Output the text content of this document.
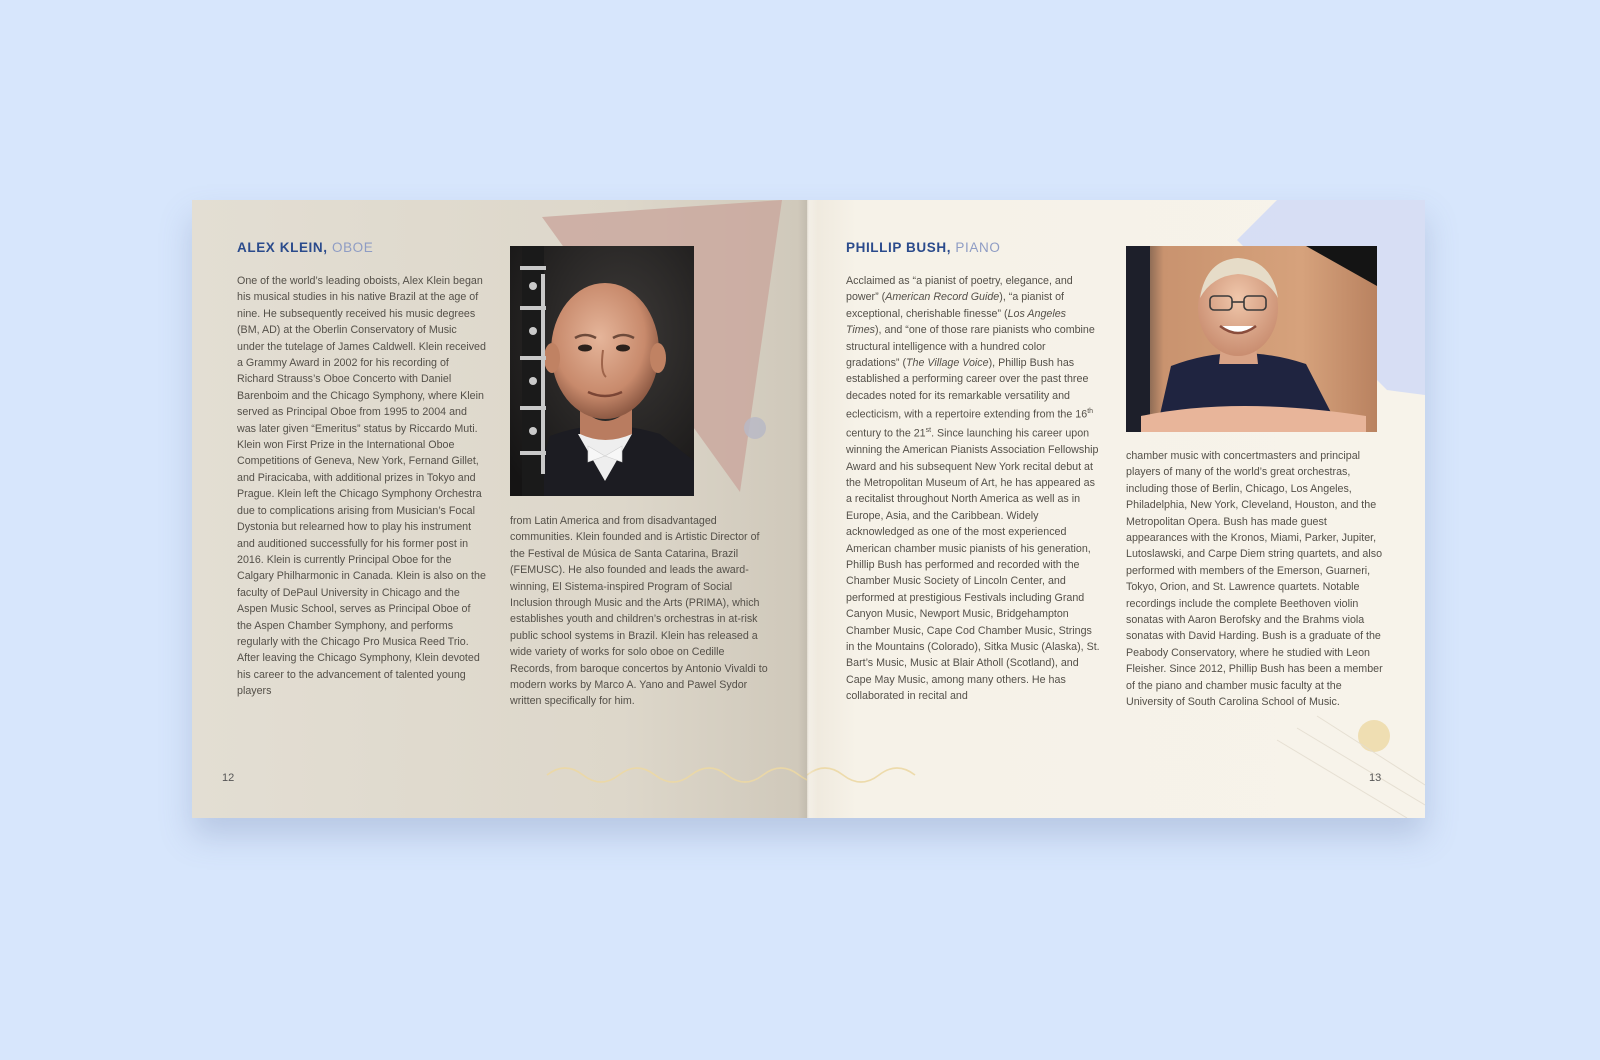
ALEX KLEIN, OBOE

One of the world’s leading oboists, Alex Klein began his musical studies in his native Brazil at the age of nine. He subsequently received his music degrees (BM, AD) at the Oberlin Conservatory of Music under the tutelage of James Caldwell. Klein received a Grammy Award in 2002 for his recording of Richard Strauss’s Oboe Concerto with Daniel Barenboim and the Chicago Symphony, where Klein served as Principal Oboe from 1995 to 2004 and was later given “Emeritus” status by Riccardo Muti. Klein won First Prize in the International Oboe Competitions of Geneva, New York, Fernand Gillet, and Piracicaba, with additional prizes in Tokyo and Prague. Klein left the Chicago Symphony Orchestra due to complications arising from Musician’s Focal Dystonia but relearned how to play his instrument and auditioned successfully for his former post in 2016. Klein is currently Principal Oboe for the Calgary Philharmonic in Canada. Klein is also on the faculty of DePaul University in Chicago and the Aspen Music School, serves as Principal Oboe of the Aspen Chamber Symphony, and performs regularly with the Chicago Pro Musica Reed Trio. After leaving the Chicago Symphony, Klein devoted his career to the advancement of talented young players

from Latin America and from disadvantaged communities. Klein founded and is Artistic Director of the Festival de Música de Santa Catarina, Brazil (FEMUSC). He also founded and leads the award-winning, El Sistema-inspired Program of Social Inclusion through Music and the Arts (PRIMA), which establishes youth and children’s orchestras in at-risk public school systems in Brazil. Klein has released a wide variety of works for solo oboe on Cedille Records, from baroque concertos by Antonio Vivaldi to modern works by Marco A. Yano and Pawel Sydor written specifically for him.

12
PHILLIP BUSH, PIANO

Acclaimed as “a pianist of poetry, elegance, and power” (American Record Guide), “a pianist of exceptional, cherishable finesse” (Los Angeles Times), and “one of those rare pianists who combine structural intelligence with a hundred color gradations” (The Village Voice), Phillip Bush has established a performing career over the past three decades noted for its remarkable versatility and eclecticism, with a repertoire extending from the 16th century to the 21st. Since launching his career upon winning the American Pianists Association Fellowship Award and his subsequent New York recital debut at the Metropolitan Museum of Art, he has appeared as a recitalist throughout North America as well as in Europe, Asia, and the Caribbean. Widely acknowledged as one of the most experienced American chamber music pianists of his generation, Phillip Bush has performed and recorded with the Chamber Music Society of Lincoln Center, and performed at prestigious Festivals including Grand Canyon Music, Newport Music, Bridgehampton Chamber Music, Cape Cod Chamber Music, Strings in the Mountains (Colorado), Sitka Music (Alaska), St. Bart’s Music, Music at Blair Atholl (Scotland), and Cape May Music, among many others. He has collaborated in recital and

chamber music with concertmasters and principal players of many of the world’s great orchestras, including those of Berlin, Chicago, Los Angeles, Philadelphia, New York, Cleveland, Houston, and the Metropolitan Opera. Bush has made guest appearances with the Kronos, Miami, Parker, Jupiter, Lutoslawski, and Carpe Diem string quartets, and also performed with members of the Emerson, Guarneri, Tokyo, Orion, and St. Lawrence quartets. Notable recordings include the complete Beethoven violin sonatas with Aaron Berofsky and the Brahms viola sonatas with David Harding. Bush is a graduate of the Peabody Conservatory, where he studied with Leon Fleisher. Since 2012, Phillip Bush has been a member of the piano and chamber music faculty at the University of South Carolina School of Music.

13
